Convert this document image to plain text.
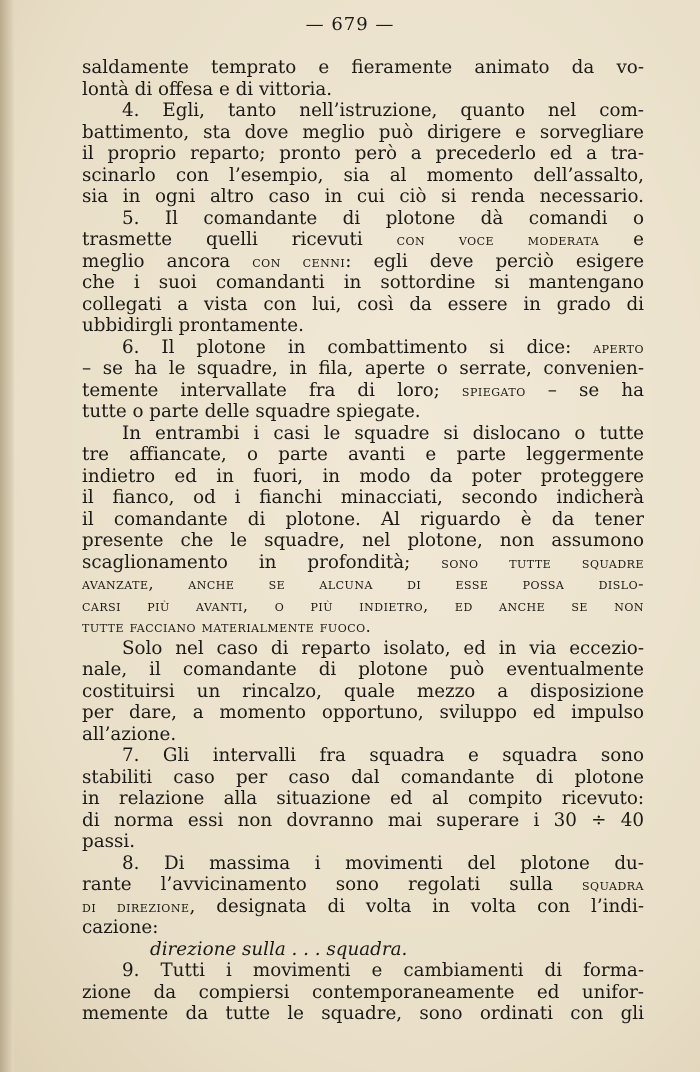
— 679 —
saldamente temprato e fieramente animato da vo-
lontà di offesa e di vittoria.
4. Egli, tanto nell’istruzione, quanto nel com-
battimento, sta dove meglio può dirigere e sorvegliare
il proprio reparto; pronto però a precederlo ed a tra-
scinarlo con l’esempio, sia al momento dell’assalto,
sia in ogni altro caso in cui ciò si renda necessario.
5. Il comandante di plotone dà comandi o
trasmette quelli ricevuti con voce moderata e
meglio ancora con cenni: egli deve perciò esigere
che i suoi comandanti in sottordine si mantengano
collegati a vista con lui, così da essere in grado di
ubbidirgli prontamente.
6. Il plotone in combattimento si dice: aperto
– se ha le squadre, in fila, aperte o serrate, convenien-
temente intervallate fra di loro; spiegato – se ha
tutte o parte delle squadre spiegate.
In entrambi i casi le squadre si dislocano o tutte
tre affiancate, o parte avanti e parte leggermente
indietro ed in fuori, in modo da poter proteggere
il fianco, od i fianchi minacciati, secondo indicherà
il comandante di plotone. Al riguardo è da tener
presente che le squadre, nel plotone, non assumono
scaglionamento in profondità; sono tutte squadre
avanzate, anche se alcuna di esse possa dislo-
carsi più avanti, o più indietro, ed anche se non
tutte facciano materialmente fuoco.
Solo nel caso di reparto isolato, ed in via eccezio-
nale, il comandante di plotone può eventualmente
costituirsi un rincalzo, quale mezzo a disposizione
per dare, a momento opportuno, sviluppo ed impulso
all’azione.
7. Gli intervalli fra squadra e squadra sono
stabiliti caso per caso dal comandante di plotone
in relazione alla situazione ed al compito ricevuto:
di norma essi non dovranno mai superare i 30 ÷ 40
passi.
8. Di massima i movimenti del plotone du-
rante l’avvicinamento sono regolati sulla squadra
di direzione, designata di volta in volta con l’indi-
cazione:
direzione sulla . . . squadra.
9. Tutti i movimenti e cambiamenti di forma-
zione da compiersi contemporaneamente ed unifor-
memente da tutte le squadre, sono ordinati con gli
